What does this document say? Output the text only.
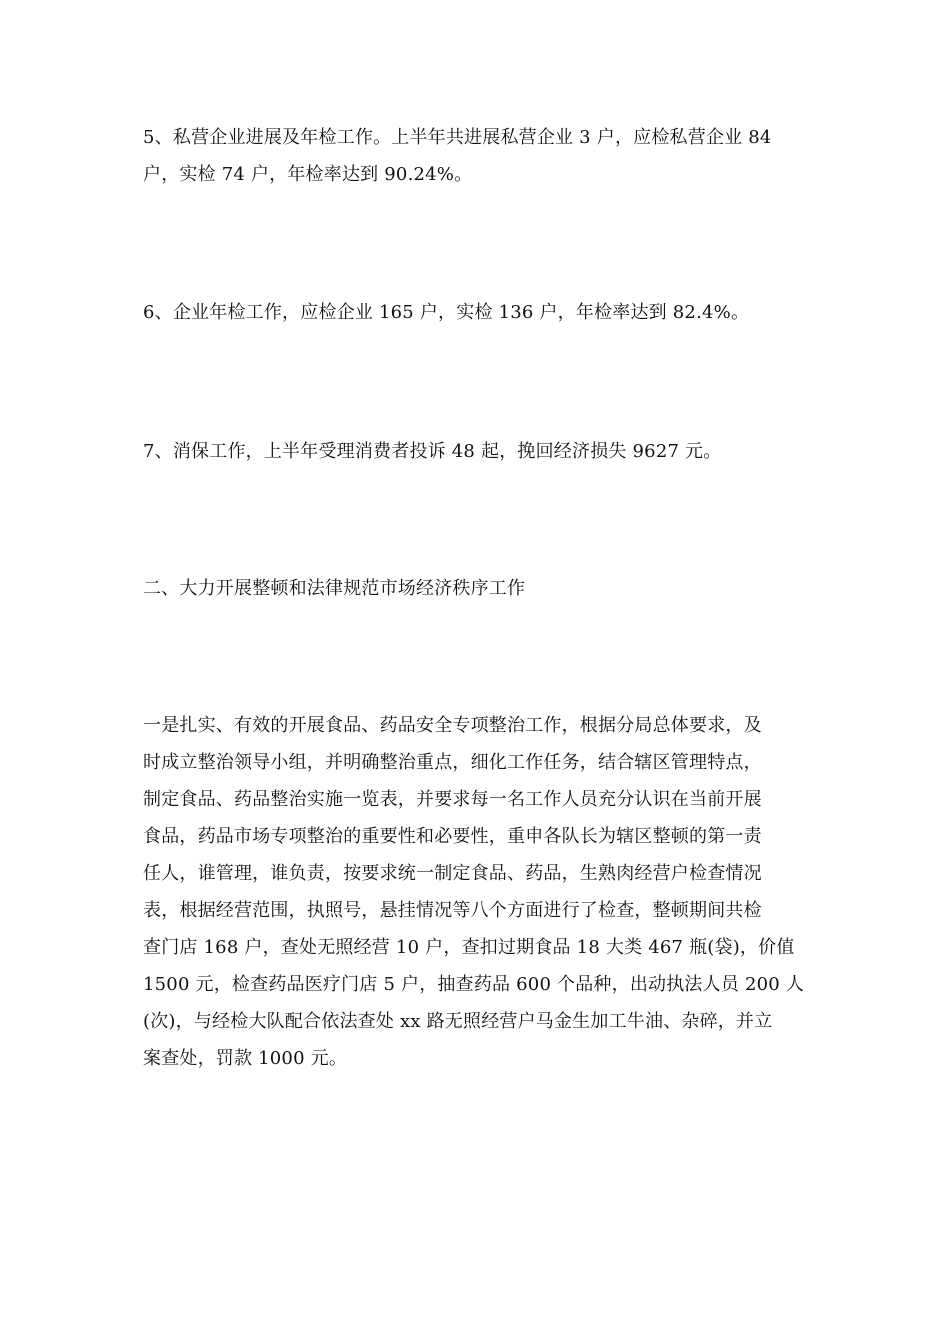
5、私营企业进展及年检工作。上半年共进展私营企业 3 户，应检私营企业 84
户，实检 74 户，年检率达到 90.24%。
6、企业年检工作，应检企业 165 户，实检 136 户，年检率达到 82.4%。
7、消保工作，上半年受理消费者投诉 48 起，挽回经济损失 9627 元。
二、大力开展整顿和法律规范市场经济秩序工作
一是扎实、有效的开展食品、药品安全专项整治工作，根据分局总体要求，及
时成立整治领导小组，并明确整治重点，细化工作任务，结合辖区管理特点，
制定食品、药品整治实施一览表，并要求每一名工作人员充分认识在当前开展
食品，药品市场专项整治的重要性和必要性，重申各队长为辖区整顿的第一责
任人，谁管理，谁负责，按要求统一制定食品、药品，生熟肉经营户检查情况
表，根据经营范围，执照号，悬挂情况等八个方面进行了检查，整顿期间共检
查门店 168 户，查处无照经营 10 户，查扣过期食品 18 大类 467 瓶(袋)，价值
1500 元，检查药品医疗门店 5 户，抽查药品 600 个品种，出动执法人员 200 人
(次)，与经检大队配合依法查处 xx 路无照经营户马金生加工牛油、杂碎，并立
案查处，罚款 1000 元。
